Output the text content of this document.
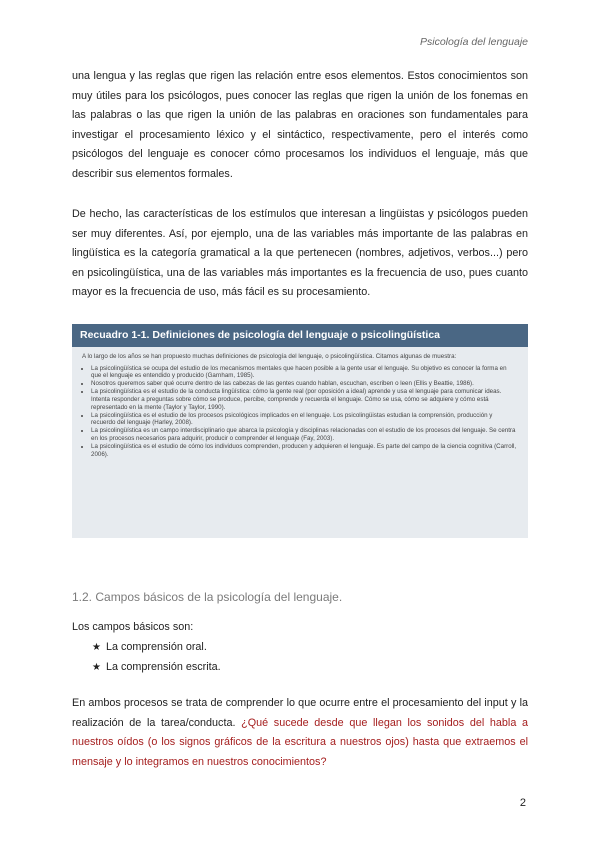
Psicología del lenguaje

una lengua y las reglas que rigen las relación entre esos elementos. Estos conocimientos son muy útiles para los psicólogos, pues conocer las reglas que rigen la unión de los fonemas en las palabras o las que rigen la unión de las palabras en oraciones son fundamentales para investigar el procesamiento léxico y el sintáctico, respectivamente, pero el interés como psicólogos del lenguaje es conocer cómo procesamos los individuos el lenguaje, más que describir sus elementos formales.

De hecho, las características de los estímulos que interesan a lingüistas y psicólogos pueden ser muy diferentes. Así, por ejemplo, una de las variables más importante de las palabras en lingüística es la categoría gramatical a la que pertenecen (nombres, adjetivos, verbos...) pero en psicolingüística, una de las variables más importantes es la frecuencia de uso, pues cuanto mayor es la frecuencia de uso, más fácil es su procesamiento.

Recuadro 1-1. Definiciones de psicología del lenguaje o psicolingüística

A lo largo de los años se han propuesto muchas definiciones de psicología del lenguaje, o psicolingüística. Citamos algunas de muestra:

• La psicolingüística se ocupa del estudio de los mecanismos mentales que hacen posible a la gente usar el lenguaje. Su objetivo es conocer la forma en que el lenguaje es entendido y producido (Garnham, 1985).
• Nosotros queremos saber qué ocurre dentro de las cabezas de las gentes cuando hablan, escuchan, escriben o leen (Ellis y Beattie, 1986).
• La psicolingüística es el estudio de la conducta lingüística: cómo la gente real (por oposición a ideal) aprende y usa el lenguaje para comunicar ideas. Intenta responder a preguntas sobre cómo se produce, percibe, comprende y recuerda el lenguaje. Cómo se usa, cómo se adquiere y cómo está representado en la mente (Taylor y Taylor, 1990).
• La psicolingüística es el estudio de los procesos psicológicos implicados en el lenguaje. Los psicolingüistas estudian la comprensión, producción y recuerdo del lenguaje (Harley, 2008).
• La psicolingüística es un campo interdisciplinario que abarca la psicología y disciplinas relacionadas con el estudio de los procesos del lenguaje. Se centra en los procesos necesarios para adquirir, producir o comprender el lenguaje (Fay, 2003).
• La psicolingüística es el estudio de cómo los individuos comprenden, producen y adquieren el lenguaje. Es parte del campo de la ciencia cognitiva (Carroll, 2006).
1.2. Campos básicos de la psicología del lenguaje.
Los campos básicos son:
★ La comprensión oral.
★ La comprensión escrita.

En ambos procesos se trata de comprender lo que ocurre entre el procesamiento del input y la realización de la tarea/conducta. ¿Qué sucede desde que llegan los sonidos del habla a nuestros oídos (o los signos gráficos de la escritura a nuestros ojos) hasta que extraemos el mensaje y lo integramos en nuestros conocimientos?

2
